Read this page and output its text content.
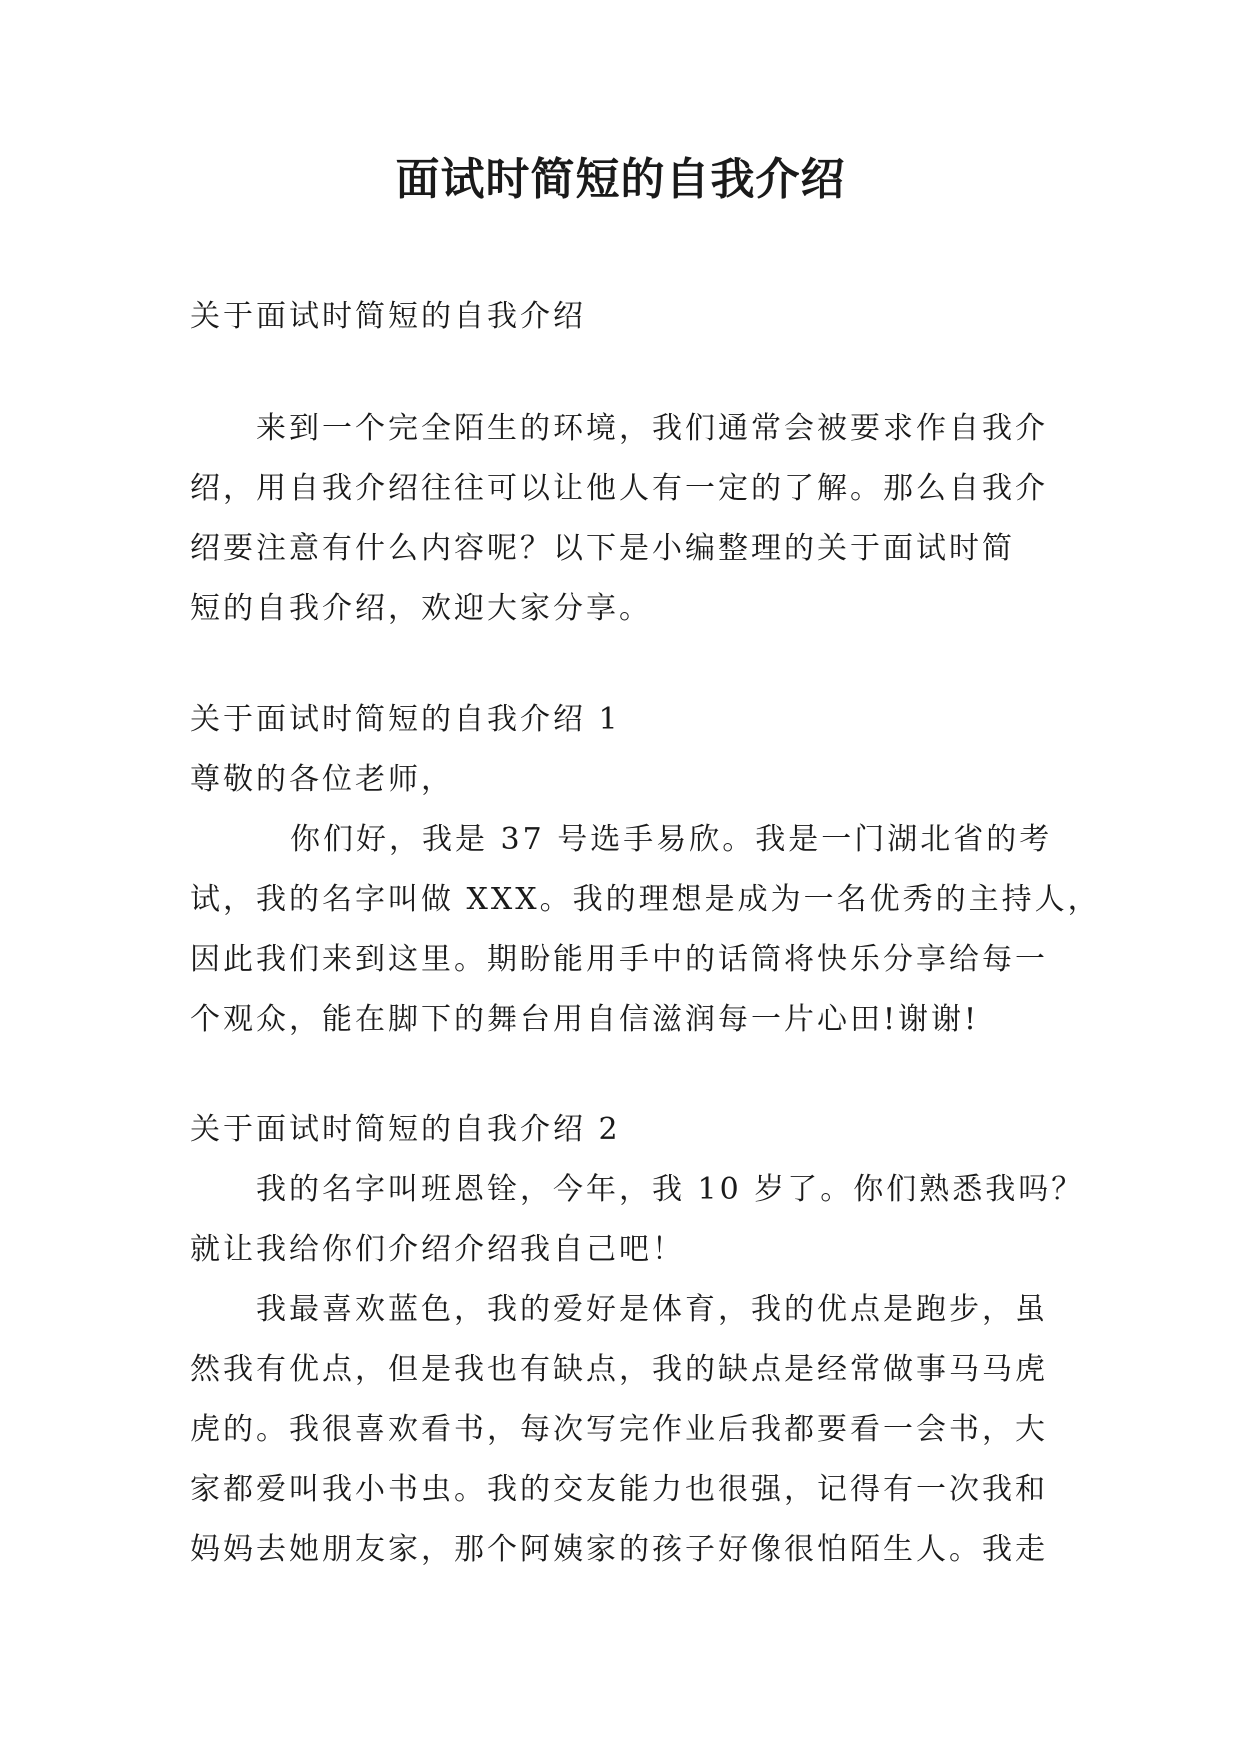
面试时简短的自我介绍
关于面试时简短的自我介绍
来到一个完全陌生的环境，我们通常会被要求作自我介
绍，用自我介绍往往可以让他人有一定的了解。那么自我介
绍要注意有什么内容呢？以下是小编整理的关于面试时简
短的自我介绍，欢迎大家分享。
关于面试时简短的自我介绍 1
尊敬的各位老师，
你们好，我是 37 号选手易欣。我是一门湖北省的考
试，我的名字叫做 XXX。我的理想是成为一名优秀的主持人，
因此我们来到这里。期盼能用手中的话筒将快乐分享给每一
个观众，能在脚下的舞台用自信滋润每一片心田!谢谢!
关于面试时简短的自我介绍 2
我的名字叫班恩铨，今年，我 10 岁了。你们熟悉我吗？
就让我给你们介绍介绍我自己吧！
我最喜欢蓝色，我的爱好是体育，我的优点是跑步，虽
然我有优点，但是我也有缺点，我的缺点是经常做事马马虎
虎的。我很喜欢看书，每次写完作业后我都要看一会书，大
家都爱叫我小书虫。我的交友能力也很强，记得有一次我和
妈妈去她朋友家，那个阿姨家的孩子好像很怕陌生人。我走
